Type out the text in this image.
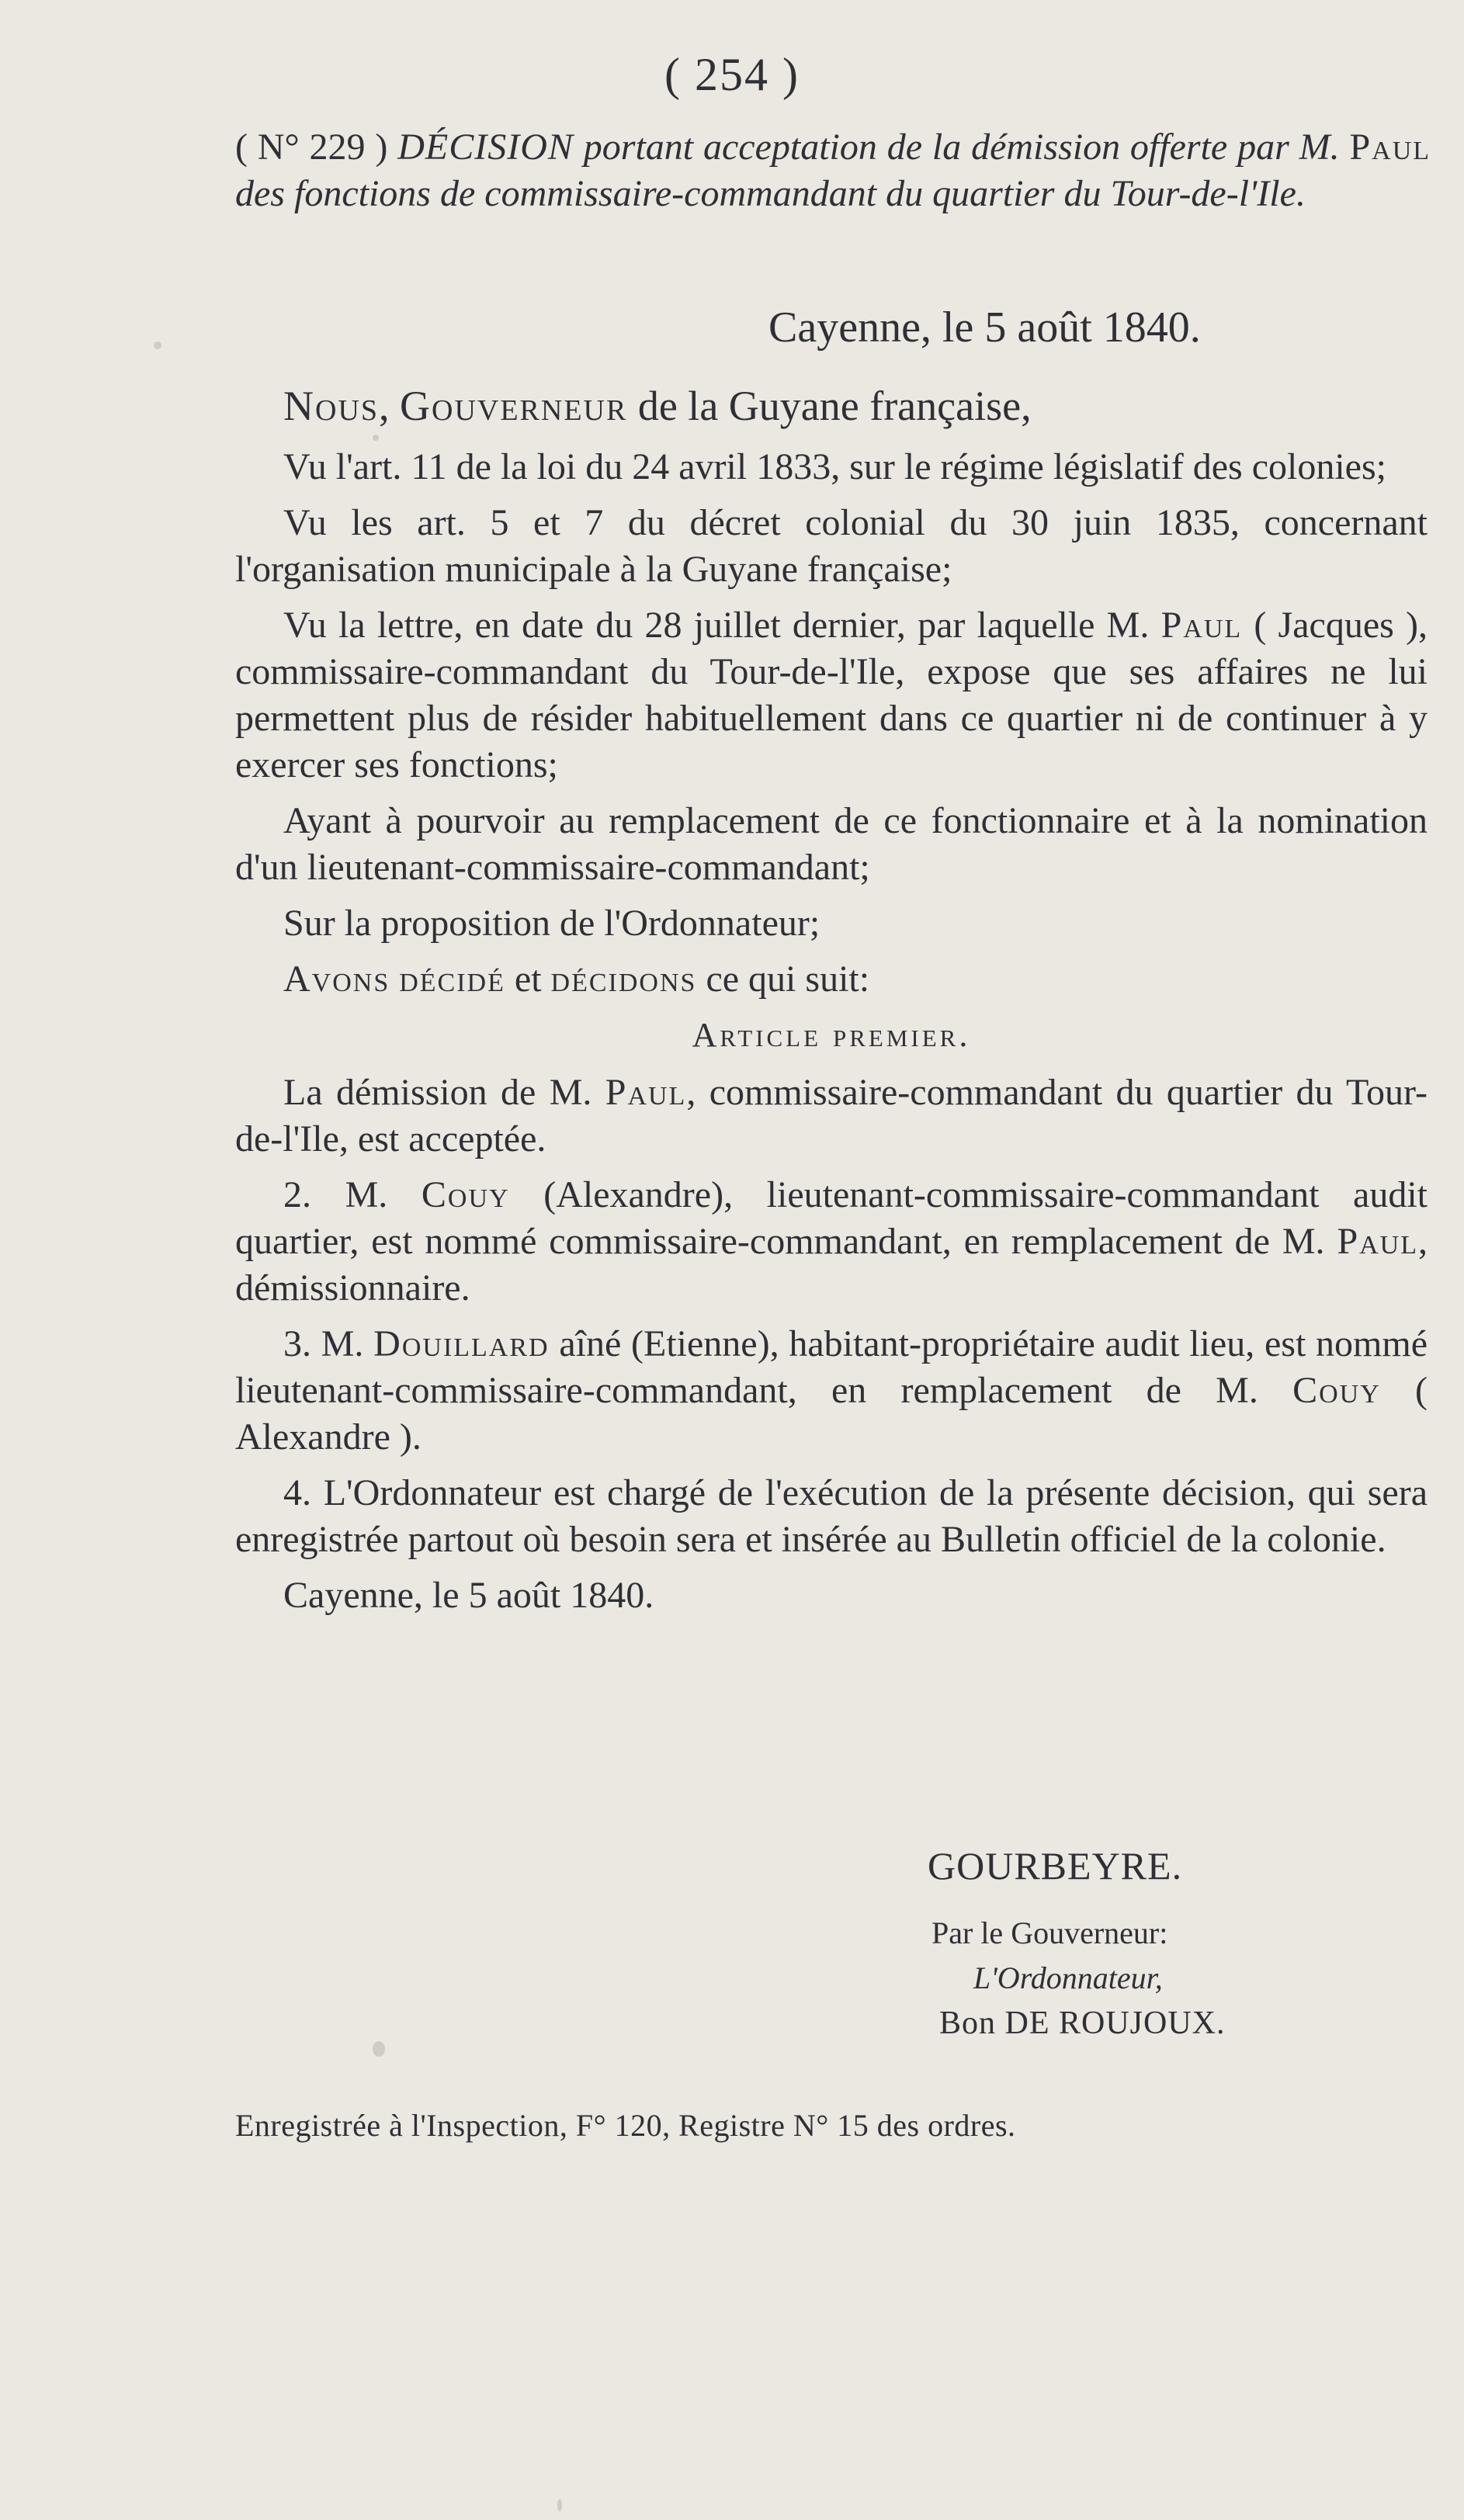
( 254 )
( N° 229 ) DÉCISION portant acceptation de la démission offerte par M. Paul des fonctions de commissaire-commandant du quartier du Tour-de-l'Ile.
Cayenne, le 5 août 1840.

Nous, Gouverneur de la Guyane française,

Vu l'art. 11 de la loi du 24 avril 1833, sur le régime législatif des colonies;

Vu les art. 5 et 7 du décret colonial du 30 juin 1835, concernant l'organisation municipale à la Guyane française;

Vu la lettre, en date du 28 juillet dernier, par laquelle M. Paul ( Jacques ), commissaire-commandant du Tour-de-l'Ile, expose que ses affaires ne lui permettent plus de résider habituellement dans ce quartier ni de continuer à y exercer ses fonctions;

Ayant à pourvoir au remplacement de ce fonctionnaire et à la nomination d'un lieutenant-commissaire-commandant;

Sur la proposition de l'Ordonnateur;

Avons décidé et décidons ce qui suit:

Article premier.

La démission de M. Paul, commissaire-commandant du quartier du Tour-de-l'Ile, est acceptée.

2. M. Couy (Alexandre), lieutenant-commissaire-commandant audit quartier, est nommé commissaire-commandant, en remplacement de M. Paul, démissionnaire.

3. M. Douillard aîné (Etienne), habitant-propriétaire audit lieu, est nommé lieutenant-commissaire-commandant, en remplacement de M. Couy ( Alexandre ).

4. L'Ordonnateur est chargé de l'exécution de la présente décision, qui sera enregistrée partout où besoin sera et insérée au Bulletin officiel de la colonie.

Cayenne, le 5 août 1840.

GOURBEYRE.
Par le Gouverneur:
L'Ordonnateur,
Bon DE ROUJOUX.
Enregistrée à l'Inspection, F° 120, Registre N° 15 des ordres.
